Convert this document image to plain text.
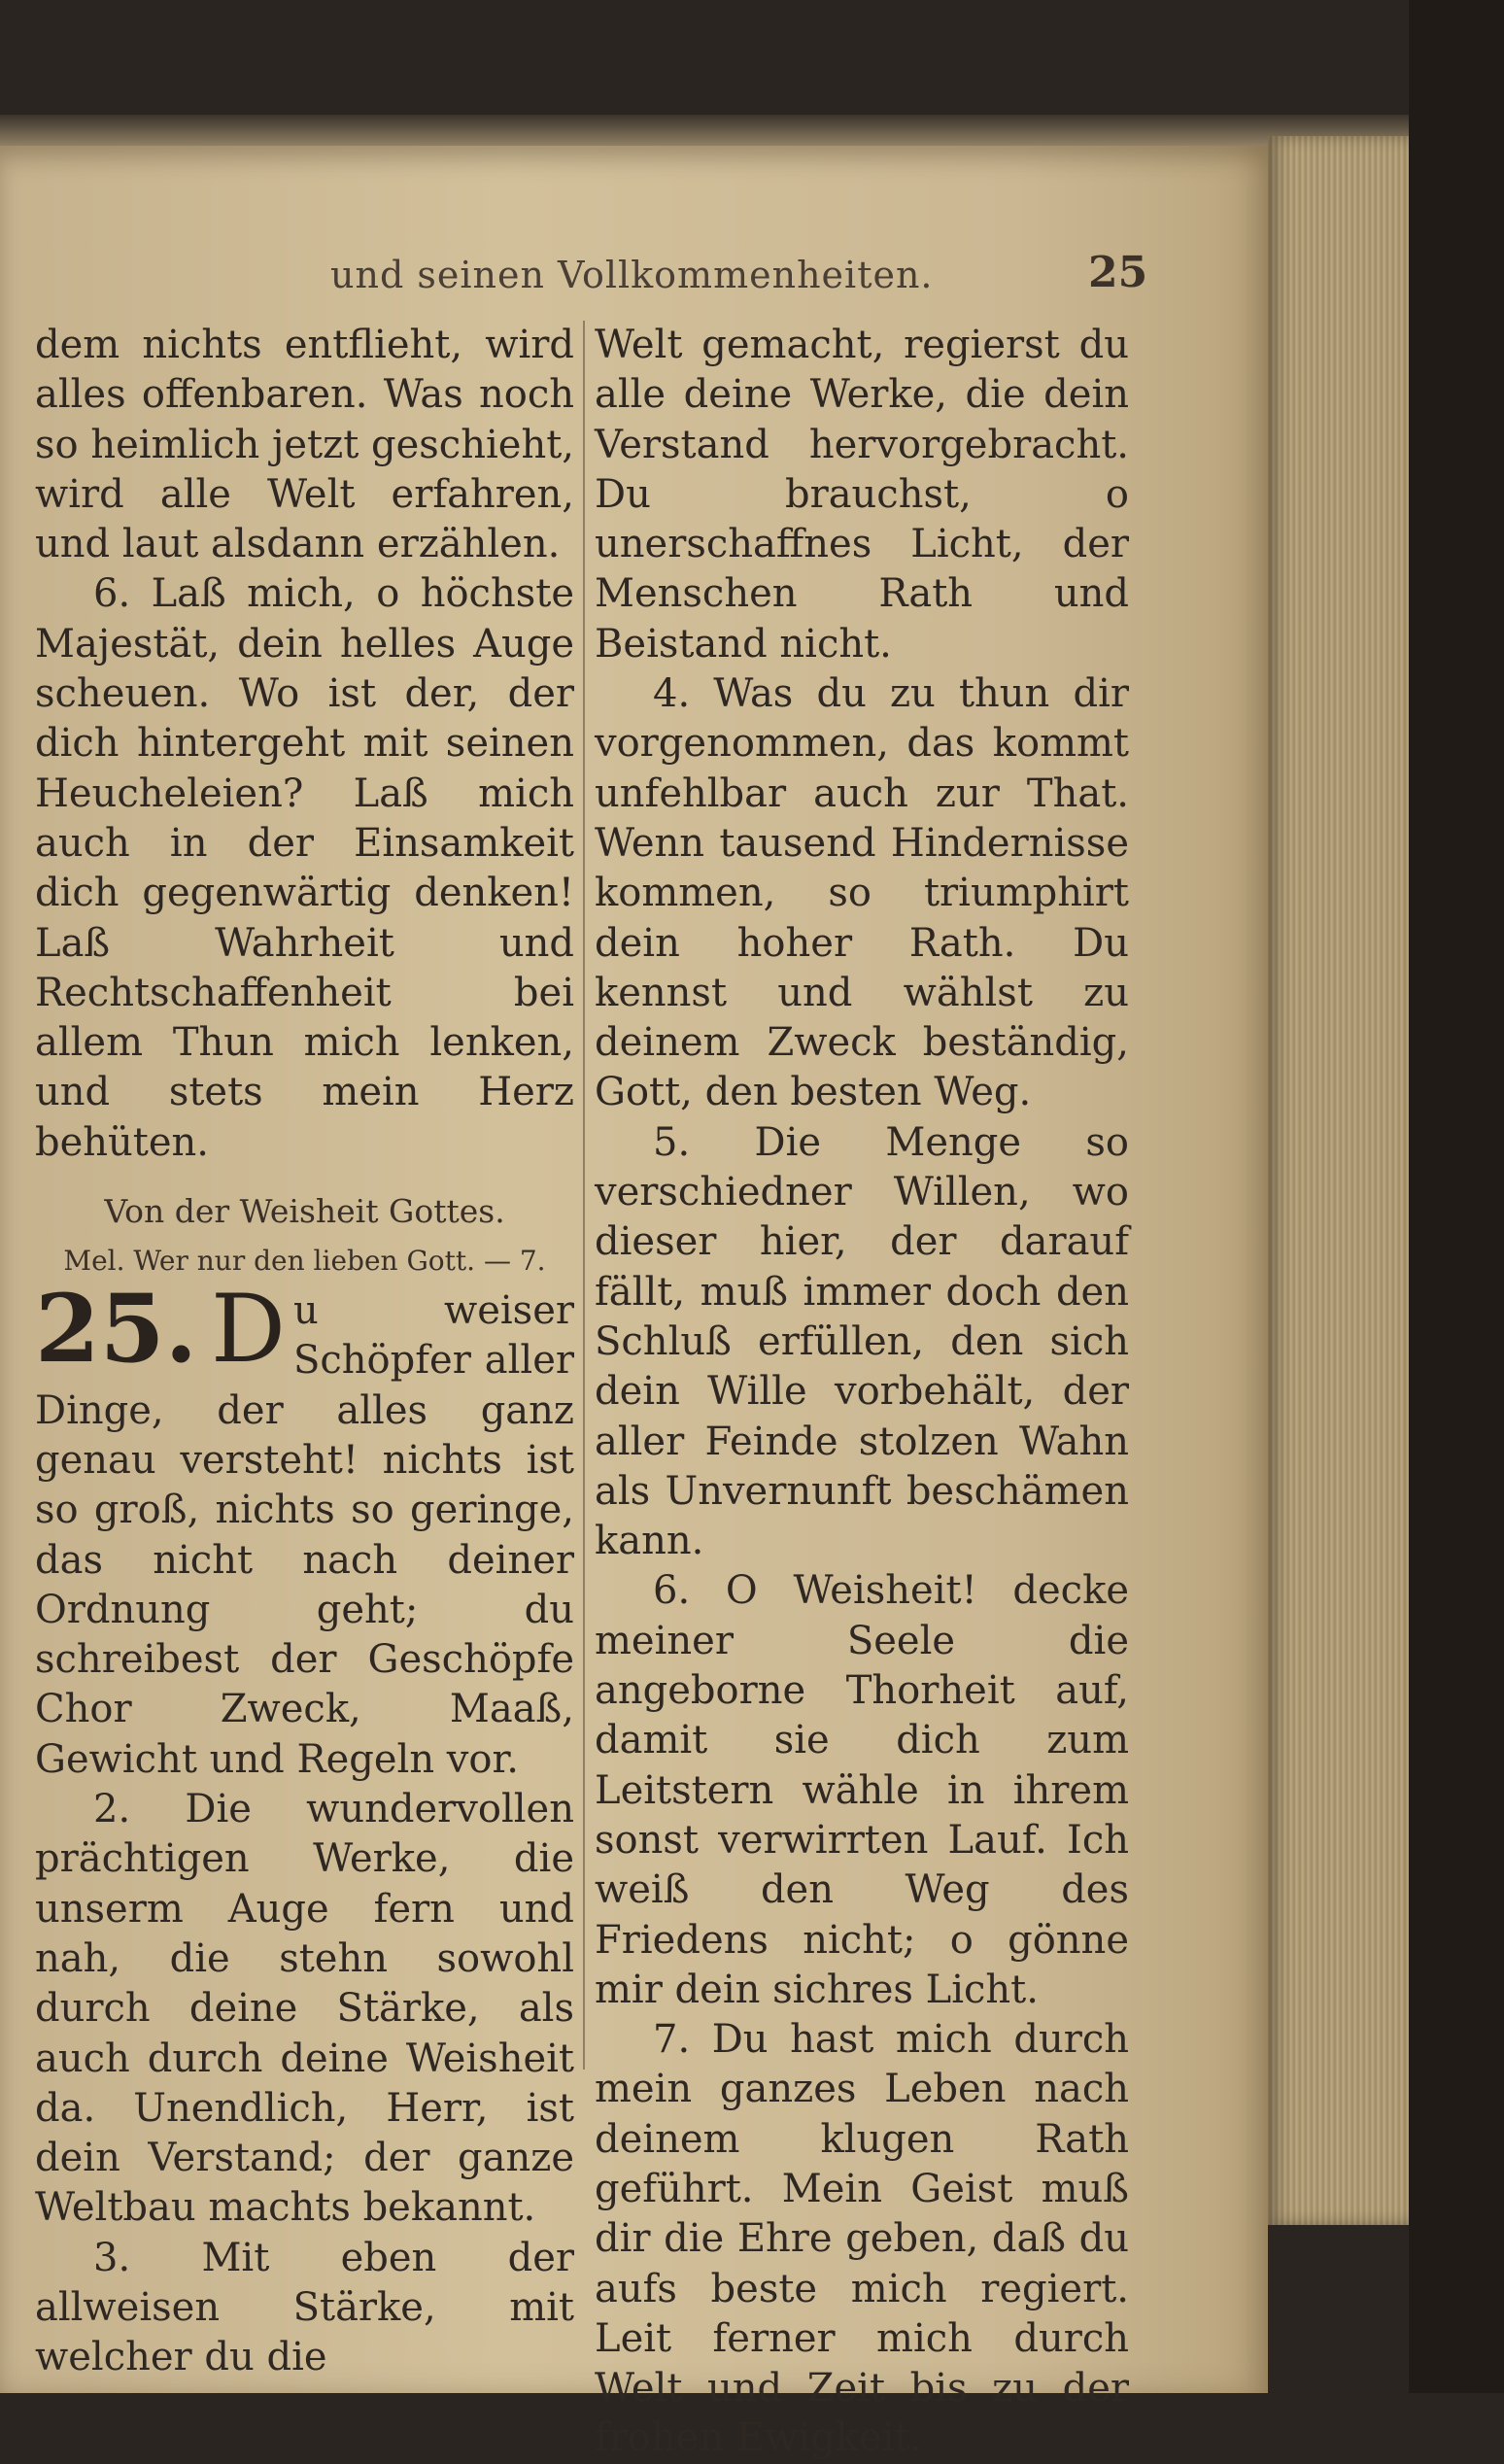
und seinen Vollkommenheiten.	25

dem nichts entflieht, wird alles offenbaren. Was noch so heimlich jetzt geschieht, wird alle Welt erfahren, und laut alsdann erzählen.

6. Laß mich, o höchste Majestät, dein helles Auge scheuen. Wo ist der, der dich hintergeht mit seinen Heucheleien? Laß mich auch in der Einsamkeit dich gegenwärtig denken! Laß Wahrheit und Rechtschaffenheit bei allem Thun mich lenken, und stets mein Herz behüten.

Von der Weisheit Gottes.

Mel. Wer nur den lieben Gott. — 7.

25. D u weiser Schöpfer aller Dinge, der alles ganz genau versteht! nichts ist so groß, nichts so geringe, das nicht nach deiner Ordnung geht; du schreibest der Geschöpfe Chor Zweck, Maaß, Gewicht und Regeln vor.

2. Die wundervollen prächtigen Werke, die unserm Auge fern und nah, die stehn sowohl durch deine Stärke, als auch durch deine Weisheit da. Unendlich, Herr, ist dein Verstand; der ganze Weltbau machts bekannt.

3. Mit eben der allweisen Stärke, mit welcher du die

Welt gemacht, regierst du alle deine Werke, die dein Verstand hervorgebracht. Du brauchst, o unerschaffnes Licht, der Menschen Rath und Beistand nicht.

4. Was du zu thun dir vorgenommen, das kommt unfehlbar auch zur That. Wenn tausend Hindernisse kommen, so triumphirt dein hoher Rath. Du kennst und wählst zu deinem Zweck beständig, Gott, den besten Weg.

5. Die Menge so verschiedner Willen, wo dieser hier, der darauf fällt, muß immer doch den Schluß erfüllen, den sich dein Wille vorbehält, der aller Feinde stolzen Wahn als Unvernunft beschämen kann.

6. O Weisheit! decke meiner Seele die angeborne Thorheit auf, damit sie dich zum Leitstern wähle in ihrem sonst verwirrten Lauf. Ich weiß den Weg des Friedens nicht; o gönne mir dein sichres Licht.

7. Du hast mich durch mein ganzes Leben nach deinem klugen Rath geführt. Mein Geist muß dir die Ehre geben, daß du aufs beste mich regiert. Leit ferner mich durch Welt und Zeit bis zu der frohen Ewigkeit.
